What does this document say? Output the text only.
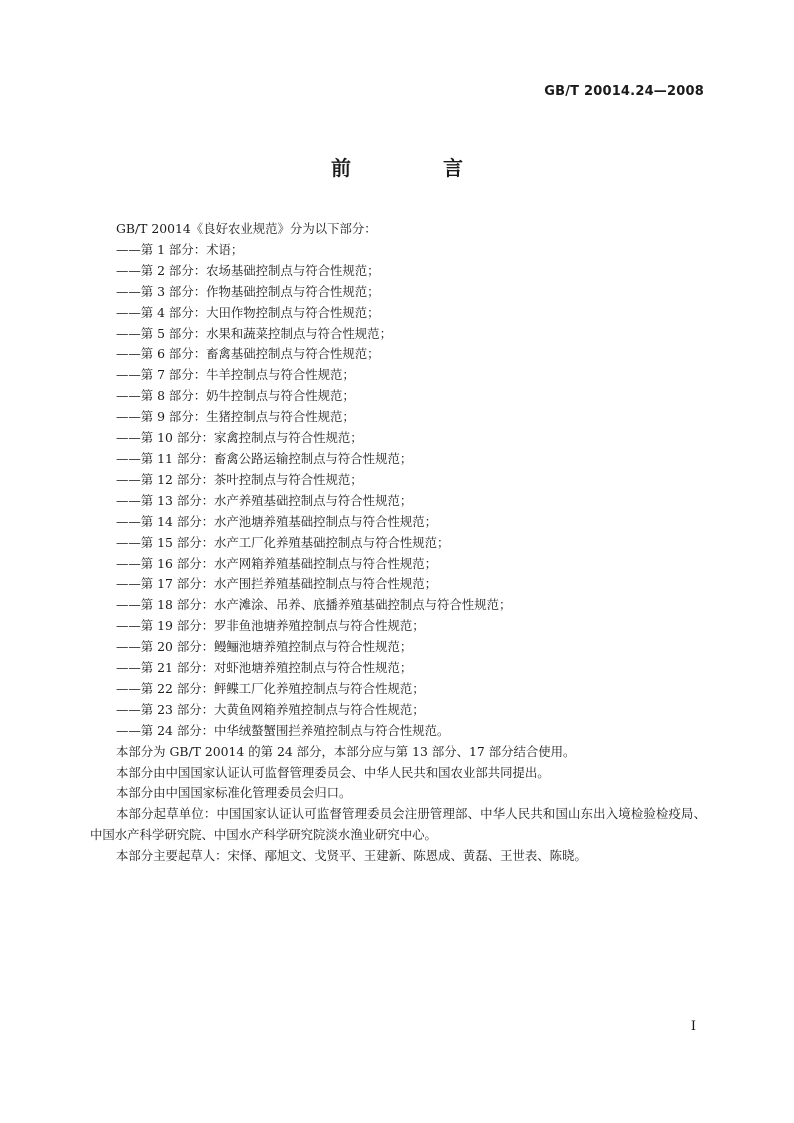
GB/T 20014.24—2008
前　言

GB/T 20014《良好农业规范》分为以下部分：

——第 1 部分：术语；

——第 2 部分：农场基础控制点与符合性规范；

——第 3 部分：作物基础控制点与符合性规范；

——第 4 部分：大田作物控制点与符合性规范；

——第 5 部分：水果和蔬菜控制点与符合性规范；

——第 6 部分：畜禽基础控制点与符合性规范；

——第 7 部分：牛羊控制点与符合性规范；

——第 8 部分：奶牛控制点与符合性规范；

——第 9 部分：生猪控制点与符合性规范；

——第 10 部分：家禽控制点与符合性规范；

——第 11 部分：畜禽公路运输控制点与符合性规范；

——第 12 部分：茶叶控制点与符合性规范；

——第 13 部分：水产养殖基础控制点与符合性规范；

——第 14 部分：水产池塘养殖基础控制点与符合性规范；

——第 15 部分：水产工厂化养殖基础控制点与符合性规范；

——第 16 部分：水产网箱养殖基础控制点与符合性规范；

——第 17 部分：水产围拦养殖基础控制点与符合性规范；

——第 18 部分：水产滩涂、吊养、底播养殖基础控制点与符合性规范；

——第 19 部分：罗非鱼池塘养殖控制点与符合性规范；

——第 20 部分：鳗鲡池塘养殖控制点与符合性规范；

——第 21 部分：对虾池塘养殖控制点与符合性规范；

——第 22 部分：鲆鲽工厂化养殖控制点与符合性规范；

——第 23 部分：大黄鱼网箱养殖控制点与符合性规范；

——第 24 部分：中华绒螯蟹围拦养殖控制点与符合性规范。

本部分为 GB/T 20014 的第 24 部分，本部分应与第 13 部分、17 部分结合使用。

本部分由中国国家认证认可监督管理委员会、中华人民共和国农业部共同提出。

本部分由中国国家标准化管理委员会归口。

本部分起草单位：中国国家认证认可监督管理委员会注册管理部、中华人民共和国山东出入境检验检疫局、中国水产科学研究院、中国水产科学研究院淡水渔业研究中心。

本部分主要起草人：宋怿、邴旭文、戈贤平、王建新、陈恩成、黄磊、王世表、陈晓。

I
